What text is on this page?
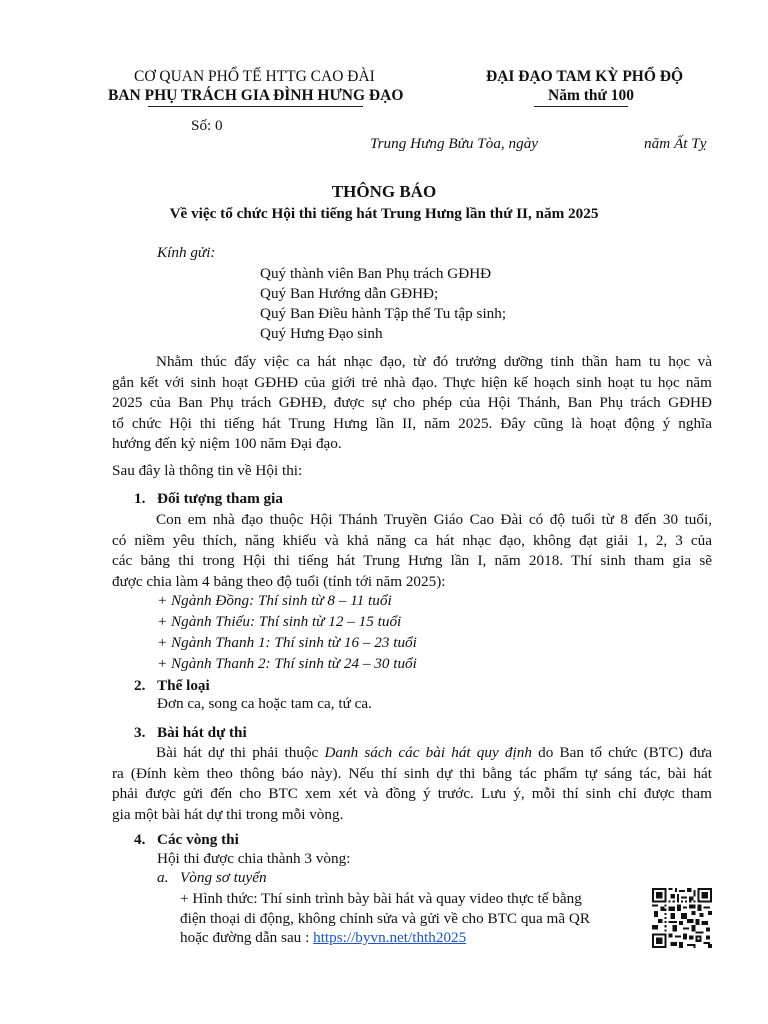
CƠ QUAN PHỔ TẾ HTTG CAO ĐÀI
BAN PHỤ TRÁCH GIA ĐÌNH HƯNG ĐẠO
ĐẠI ĐẠO TAM KỲ PHỔ ĐỘ
Năm thứ 100
Số: 0
Trung Hưng Bửu Tòa, ngày	năm Ất Tỵ
THÔNG BÁO
Về việc tổ chức Hội thi tiếng hát Trung Hưng lần thứ II, năm 2025
Kính gửi:
Quý thành viên Ban Phụ trách GĐHĐ
Quý Ban Hướng dẫn GĐHĐ;
Quý Ban Điều hành Tập thể Tu tập sinh;
Quý Hưng Đạo sinh
Nhằm thúc đẩy việc ca hát nhạc đạo, từ đó trưởng dưỡng tinh thần ham tu học và
gắn kết với sinh hoạt GĐHĐ của giới trẻ nhà đạo. Thực hiện kế hoạch sinh hoạt tu học năm
2025 của Ban Phụ trách GĐHĐ, được sự cho phép của Hội Thánh, Ban Phụ trách GĐHĐ
tổ chức Hội thi tiếng hát Trung Hưng lần II, năm 2025. Đây cũng là hoạt động ý nghĩa
hướng đến kỷ niệm 100 năm Đại đạo.
Sau đây là thông tin về Hội thi:
1. Đối tượng tham gia
Con em nhà đạo thuộc Hội Thánh Truyền Giáo Cao Đài có độ tuổi từ 8 đến 30 tuổi,
có niềm yêu thích, năng khiếu và khả năng ca hát nhạc đạo, không đạt giải 1, 2, 3 của
các bảng thi trong Hội thi tiếng hát Trung Hưng lần I, năm 2018. Thí sinh tham gia sẽ
được chia làm 4 bảng theo độ tuổi (tính tới năm 2025):
+ Ngành Đồng: Thí sinh từ 8 – 11 tuổi
+ Ngành Thiếu: Thí sinh từ 12 – 15 tuổi
+ Ngành Thanh 1: Thí sinh từ 16 – 23 tuổi
+ Ngành Thanh 2: Thí sinh từ 24 – 30 tuổi
2. Thể loại
Đơn ca, song ca hoặc tam ca, tứ ca.
3. Bài hát dự thi
Bài hát dự thi phải thuộc Danh sách các bài hát quy định do Ban tổ chức (BTC) đưa
ra (Đính kèm theo thông báo này). Nếu thí sinh dự thi bằng tác phẩm tự sáng tác, bài hát
phải được gửi đến cho BTC xem xét và đồng ý trước. Lưu ý, mỗi thí sinh chỉ được tham
gia một bài hát dự thi trong mỗi vòng.
4. Các vòng thi
Hội thi được chia thành 3 vòng:
a. Vòng sơ tuyển
+ Hình thức: Thí sinh trình bày bài hát và quay video thực tế bằng
điện thoại di động, không chỉnh sửa và gửi về cho BTC qua mã QR
hoặc đường dẫn sau : https://byvn.net/thth2025
